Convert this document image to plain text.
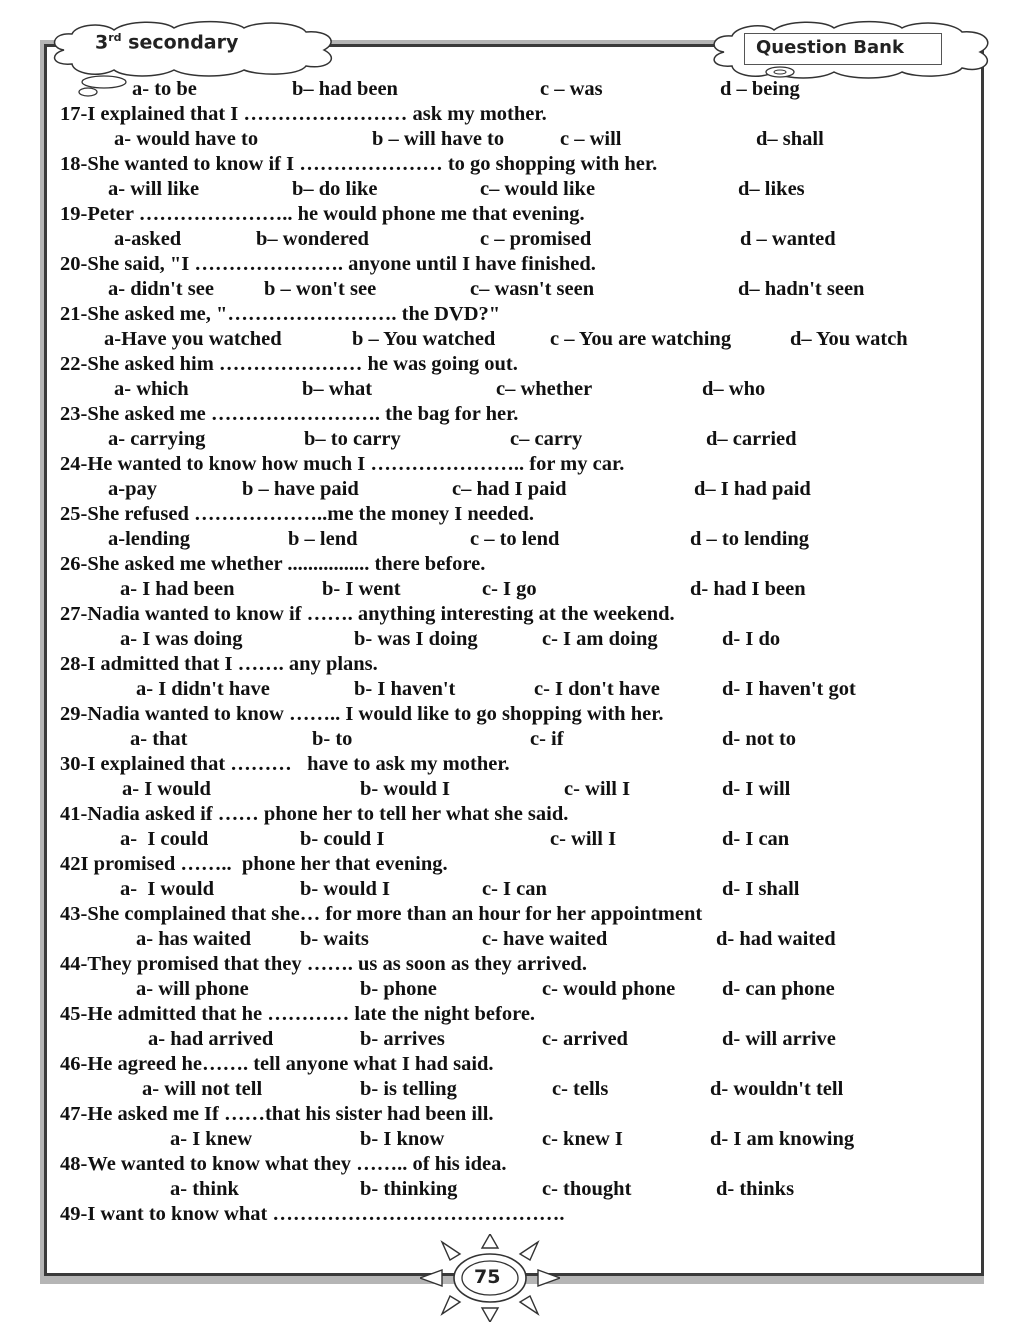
3rd secondary	Question Bank
a- to be	b– had been	c – was	d – being
17-I explained that I …………………… ask my mother.
a- would have to	b – will have to	c – will	d– shall
18-She wanted to know if I ………………… to go shopping with her.
a- will like	b– do like	c– would like	d– likes
19-Peter ………………….. he would phone me that evening.
a-asked	b– wondered	c – promised	d – wanted
20-She said, "I …………………. anyone until I have finished.
a- didn't see b – won't see	c– wasn't seen	d– hadn't seen
21-She asked me, "……………………. the DVD?"
a-Have you watched	b – You watched	c – You are watching	d– You watch
22-She asked him ………………… he was going out.
a- which	b– what	c– whether	d– who
23-She asked me ……………………. the bag for her.
a- carrying	b– to carry	c– carry	d– carried
24-He wanted to know how much I ………………….. for my car.
a-pay	b – have paid	c– had I paid	d– I had paid
25-She refused ………………..me the money I needed.
a-lending	b – lend	c – to lend	d – to lending
26-She asked me whether ................ there before.
a- I had been	b- I went	c- I go	d- had I been
27-Nadia wanted to know if ……. anything interesting at the weekend.
a- I was doing	b- was I doing	c- I am doing	d- I do
28-I admitted that I ……. any plans.
a- I didn't have	b- I haven't	c- I don't have	d- I haven't got
29-Nadia wanted to know …….. I would like to go shopping with her.
a- that	b- to	c- if	d- not to
30-I explained that ………   have to ask my mother.
a- I would	b- would I	c- will I	d- I will
41-Nadia asked if …… phone her to tell her what she said.
a-  I could	b- could I	c- will I	d- I can
42I promised ……..  phone her that evening.
a-  I would	b- would I	c- I can	d- I shall
43-She complained that she… for more than an hour for her appointment
a- has waited b- waits	c- have waited	d- had waited
44-They promised that they ……. us as soon as they arrived.
a- will phone	b- phone	c- would phone d- can phone
45-He admitted that he ………… late the night before.
a- had arrived	b- arrives	c- arrived	d- will arrive
46-He agreed he……. tell anyone what I had said.
a- will not tell	b- is telling	c- tells	d- wouldn't tell
47-He asked me If ……that his sister had been ill.
a- I knew	b- I know	c- knew I	d- I am knowing
48-We wanted to know what they …….. of his idea.
a- think	b- thinking	c- thought	d- thinks
49-I want to know what …………………………………….
75
